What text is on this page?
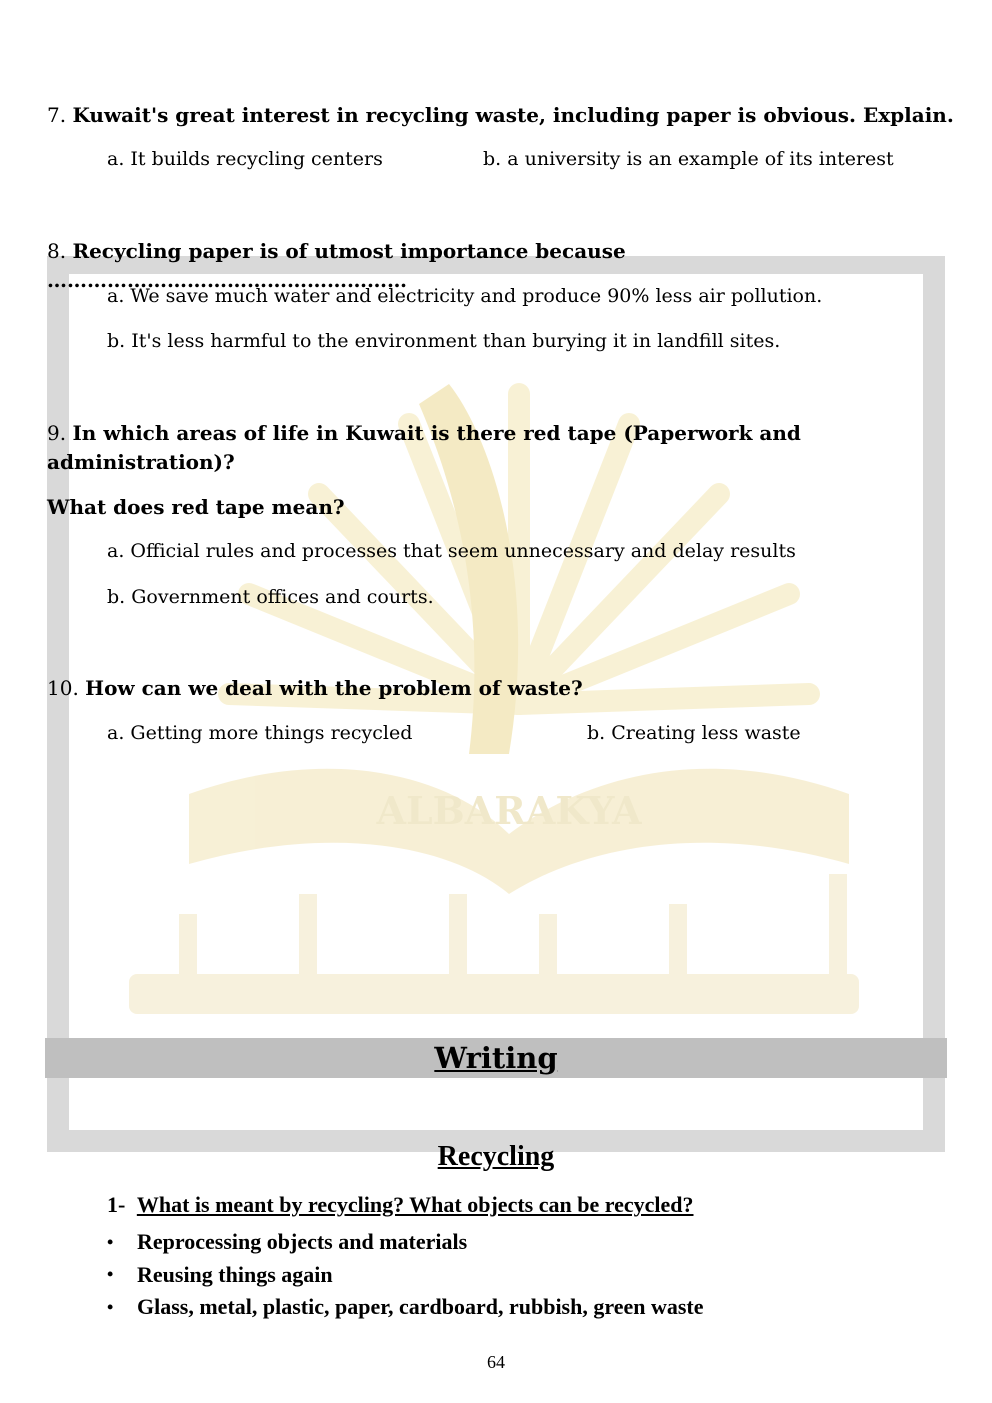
ALBARAKYA
7. Kuwait's great interest in recycling waste, including paper is obvious. Explain.
a. It builds recycling centers	b. a university is an example of its interest
8. Recycling paper is of utmost importance because ………………………………………………
a. We save much water and electricity and produce 90% less air pollution.
b. It's less harmful to the environment than burying it in landfill sites.
9. In which areas of life in Kuwait is there red tape (Paperwork and
administration)?
What does red tape mean?
a. Official rules and processes that seem unnecessary and delay results
b. Government offices and courts.
10. How can we deal with the problem of waste?
a. Getting more things recycled	b. Creating less waste
Writing
Recycling
1- What is meant by recycling? What objects can be recycled?
•	Reprocessing objects and materials
•	Reusing things again
•	Glass, metal, plastic, paper, cardboard, rubbish, green waste
64
